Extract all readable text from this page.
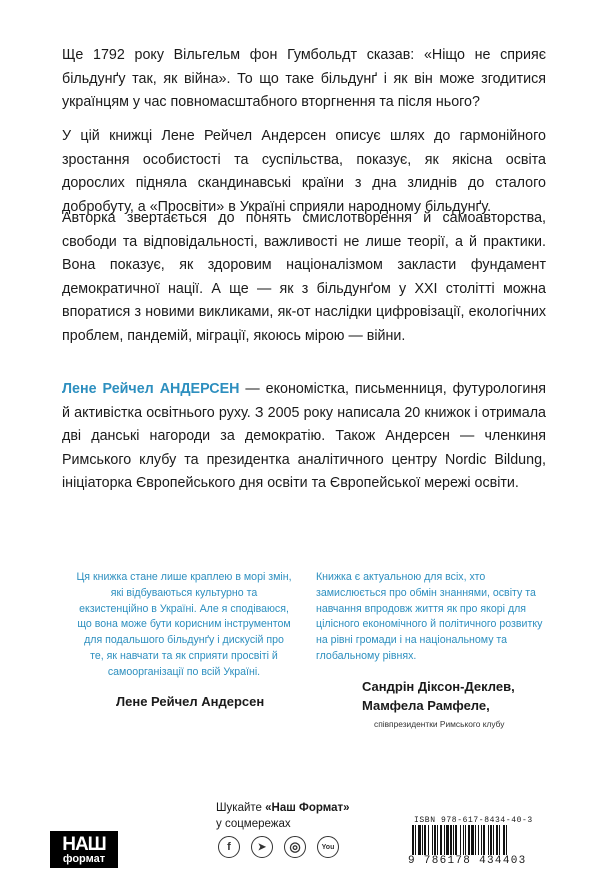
Ще 1792 року Вільгельм фон Гумбольдт сказав: «Ніщо не сприяє більдунґу так, як війна». То що таке більдунґ і як він може згодитися українцям у час повномасштабного вторгнення та після нього?

У цій книжці Лене Рейчел Андерсен описує шлях до гармонійного зростання особистості та суспільства, показує, як якісна освіта дорослих підняла скандинавські країни з дна злиднів до сталого добробуту, а «Просвіти» в Україні сприяли народному більдунґу.

Авторка звертається до понять смислотворення й самоавторства, свободи та відповідальності, важливості не лише теорії, а й практики. Вона показує, як здоровим націоналізмом закласти фундамент демократичної нації. А ще — як з більдунґом у XXI столітті можна впоратися з новими викликами, як-от наслідки цифровізації, екологічних проблем, пандемій, міграції, якоюсь мірою — війни.

Лене Рейчел АНДЕРСЕН — економістка, письменниця, футурологиня й активістка освітнього руху. З 2005 року написала 20 книжок і отримала дві данські нагороди за демократію. Також Андерсен — членкиня Римського клубу та президентка аналітичного центру Nordic Bildung, ініціаторка Європейського дня освіти та Європейської мережі освіти.

Ця книжка стане лише краплею в морі змін, які відбуваються культурно та екзистенційно в Україні. Але я сподіваюся, що вона може бути корисним інструментом для подальшого більдунґу і дискусій про те, як навчати та як сприяти просвіті й самоорганізації по всій Україні.

Лене Рейчел Андерсен

Книжка є актуальною для всіх, хто замислюється про обмін знаннями, освіту та навчання впродовж життя як про якорі для цілісного економічного й політичного розвитку на рівні громади і на національному та глобальному рівнях.

Сандрін Діксон-Деклев,

Мамфела Рамфеле,

співпрезидентки Римського клубу

НАШ
формат

Шукайте «Наш Формат»
у соцмережах

f	➤	◎	You

ISBN 978-617-8434-40-3

9 786178 434403
